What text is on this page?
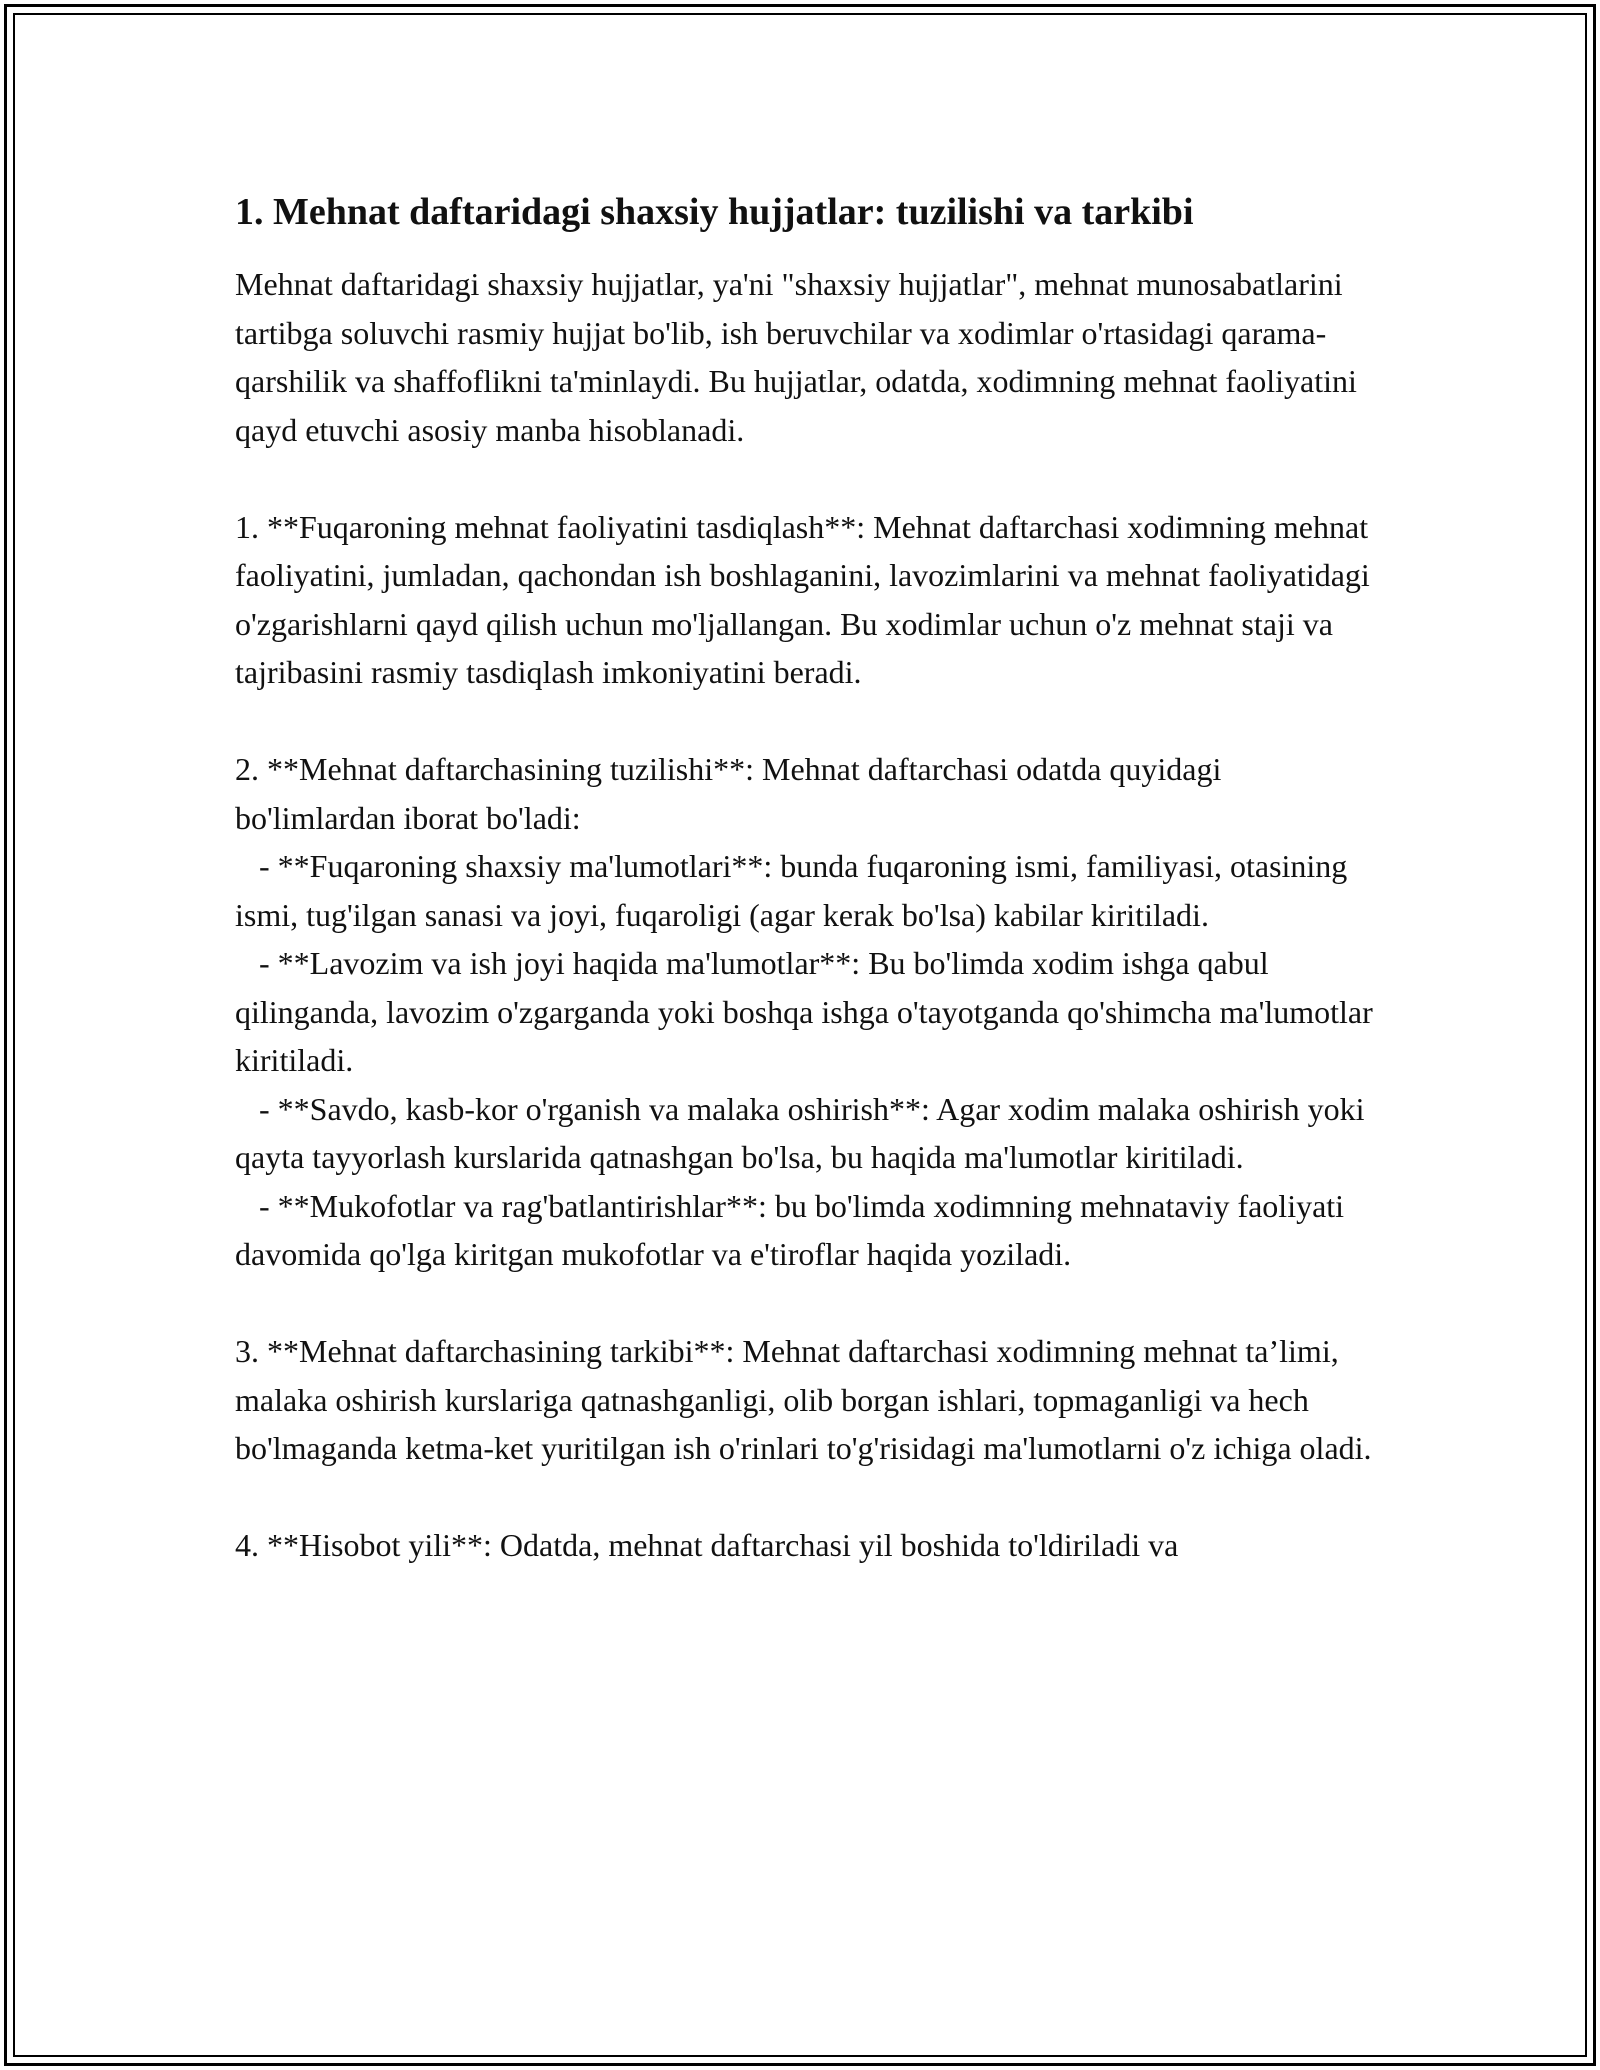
1. Mehnat daftaridagi shaxsiy hujjatlar: tuzilishi va tarkibi

Mehnat daftaridagi shaxsiy hujjatlar, ya'ni "shaxsiy hujjatlar", mehnat munosabatlarini tartibga soluvchi rasmiy hujjat bo'lib, ish beruvchilar va xodimlar o'rtasidagi qarama-qarshilik va shaffoflikni ta'minlaydi. Bu hujjatlar, odatda, xodimning mehnat faoliyatini qayd etuvchi asosiy manba hisoblanadi.

1. **Fuqaroning mehnat faoliyatini tasdiqlash**: Mehnat daftarchasi xodimning mehnat faoliyatini, jumladan, qachondan ish boshlaganini, lavozimlarini va mehnat faoliyatidagi o'zgarishlarni qayd qilish uchun mo'ljallangan. Bu xodimlar uchun o'z mehnat staji va tajribasini rasmiy tasdiqlash imkoniyatini beradi.

2. **Mehnat daftarchasining tuzilishi**: Mehnat daftarchasi odatda quyidagi bo'limlardan iborat bo'ladi:

- **Fuqaroning shaxsiy ma'lumotlari**: bunda fuqaroning ismi, familiyasi, otasining ismi, tug'ilgan sanasi va joyi, fuqaroligi (agar kerak bo'lsa) kabilar kiritiladi.

- **Lavozim va ish joyi haqida ma'lumotlar**: Bu bo'limda xodim ishga qabul qilinganda, lavozim o'zgarganda yoki boshqa ishga o'tayotganda qo'shimcha ma'lumotlar kiritiladi.

- **Savdo, kasb-kor o'rganish va malaka oshirish**: Agar xodim malaka oshirish yoki qayta tayyorlash kurslarida qatnashgan bo'lsa, bu haqida ma'lumotlar kiritiladi.

- **Mukofotlar va rag'batlantirishlar**: bu bo'limda xodimning mehnataviy faoliyati davomida qo'lga kiritgan mukofotlar va e'tiroflar haqida yoziladi.

3. **Mehnat daftarchasining tarkibi**: Mehnat daftarchasi xodimning mehnat ta’limi, malaka oshirish kurslariga qatnashganligi, olib borgan ishlari, topmaganligi va hech bo'lmaganda ketma-ket yuritilgan ish o'rinlari to'g'risidagi ma'lumotlarni o'z ichiga oladi.

4. **Hisobot yili**: Odatda, mehnat daftarchasi yil boshida to'ldiriladi va
